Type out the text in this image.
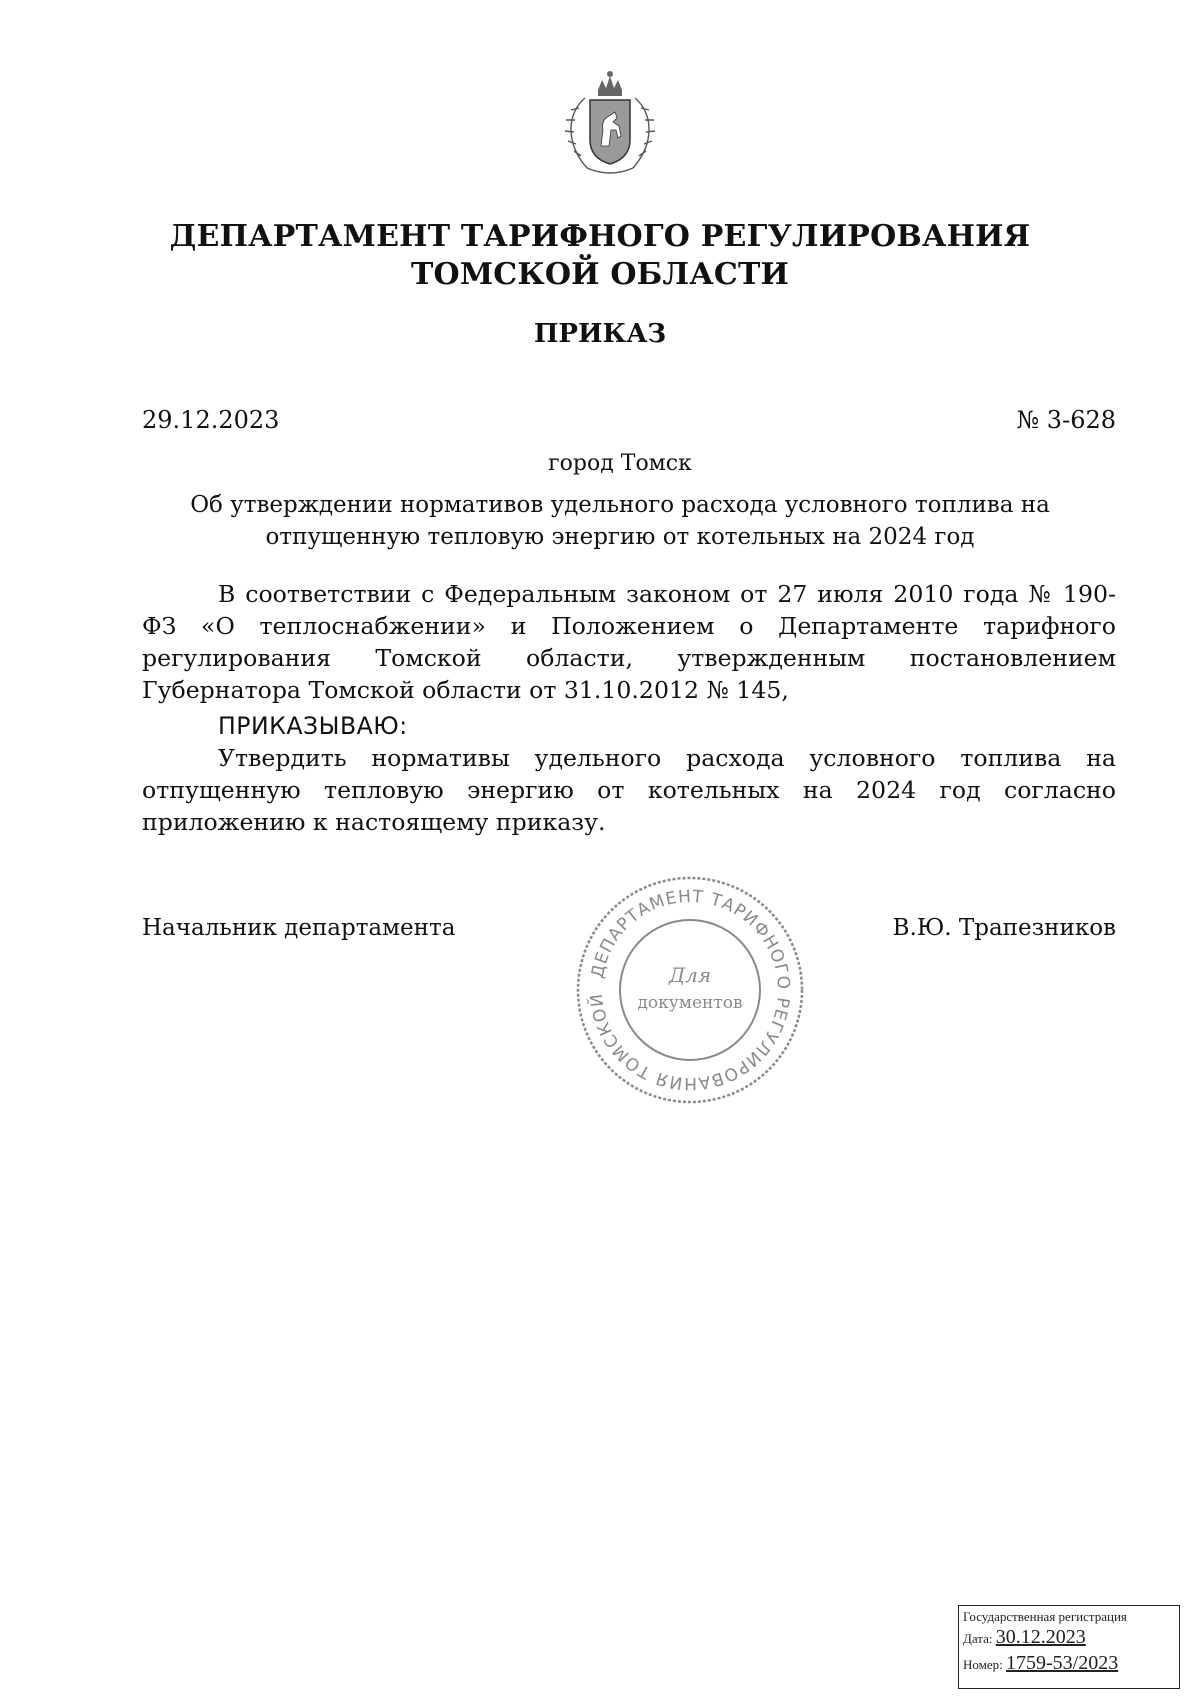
ДЕПАРТАМЕНТ ТАРИФНОГО РЕГУЛИРОВАНИЯ
ТОМСКОЙ ОБЛАСТИ
ПРИКАЗ
29.12.2023	№ 3-628
город Томск
Об утверждении нормативов удельного расхода условного топлива на
отпущенную тепловую энергию от котельных на 2024 год
В соответствии с Федеральным законом от 27 июля 2010 года № 190-ФЗ «О теплоснабжении» и Положением о Департаменте тарифного регулирования Томской области, утвержденным постановлением Губернатора Томской области от 31.10.2012 № 145,
ПРИКАЗЫВАЮ:
Утвердить нормативы удельного расхода условного топлива на отпущенную тепловую энергию от котельных на 2024 год согласно приложению к настоящему приказу.
Начальник департамента	В.Ю. Трапезников
ДЕПАРТАМЕНТ ТАРИФНОГО РЕГУЛИРОВАНИЯ ТОМСКОЙ
Для
документов
Государственная регистрация
Дата: 30.12.2023
Номер: 1759-53/2023
